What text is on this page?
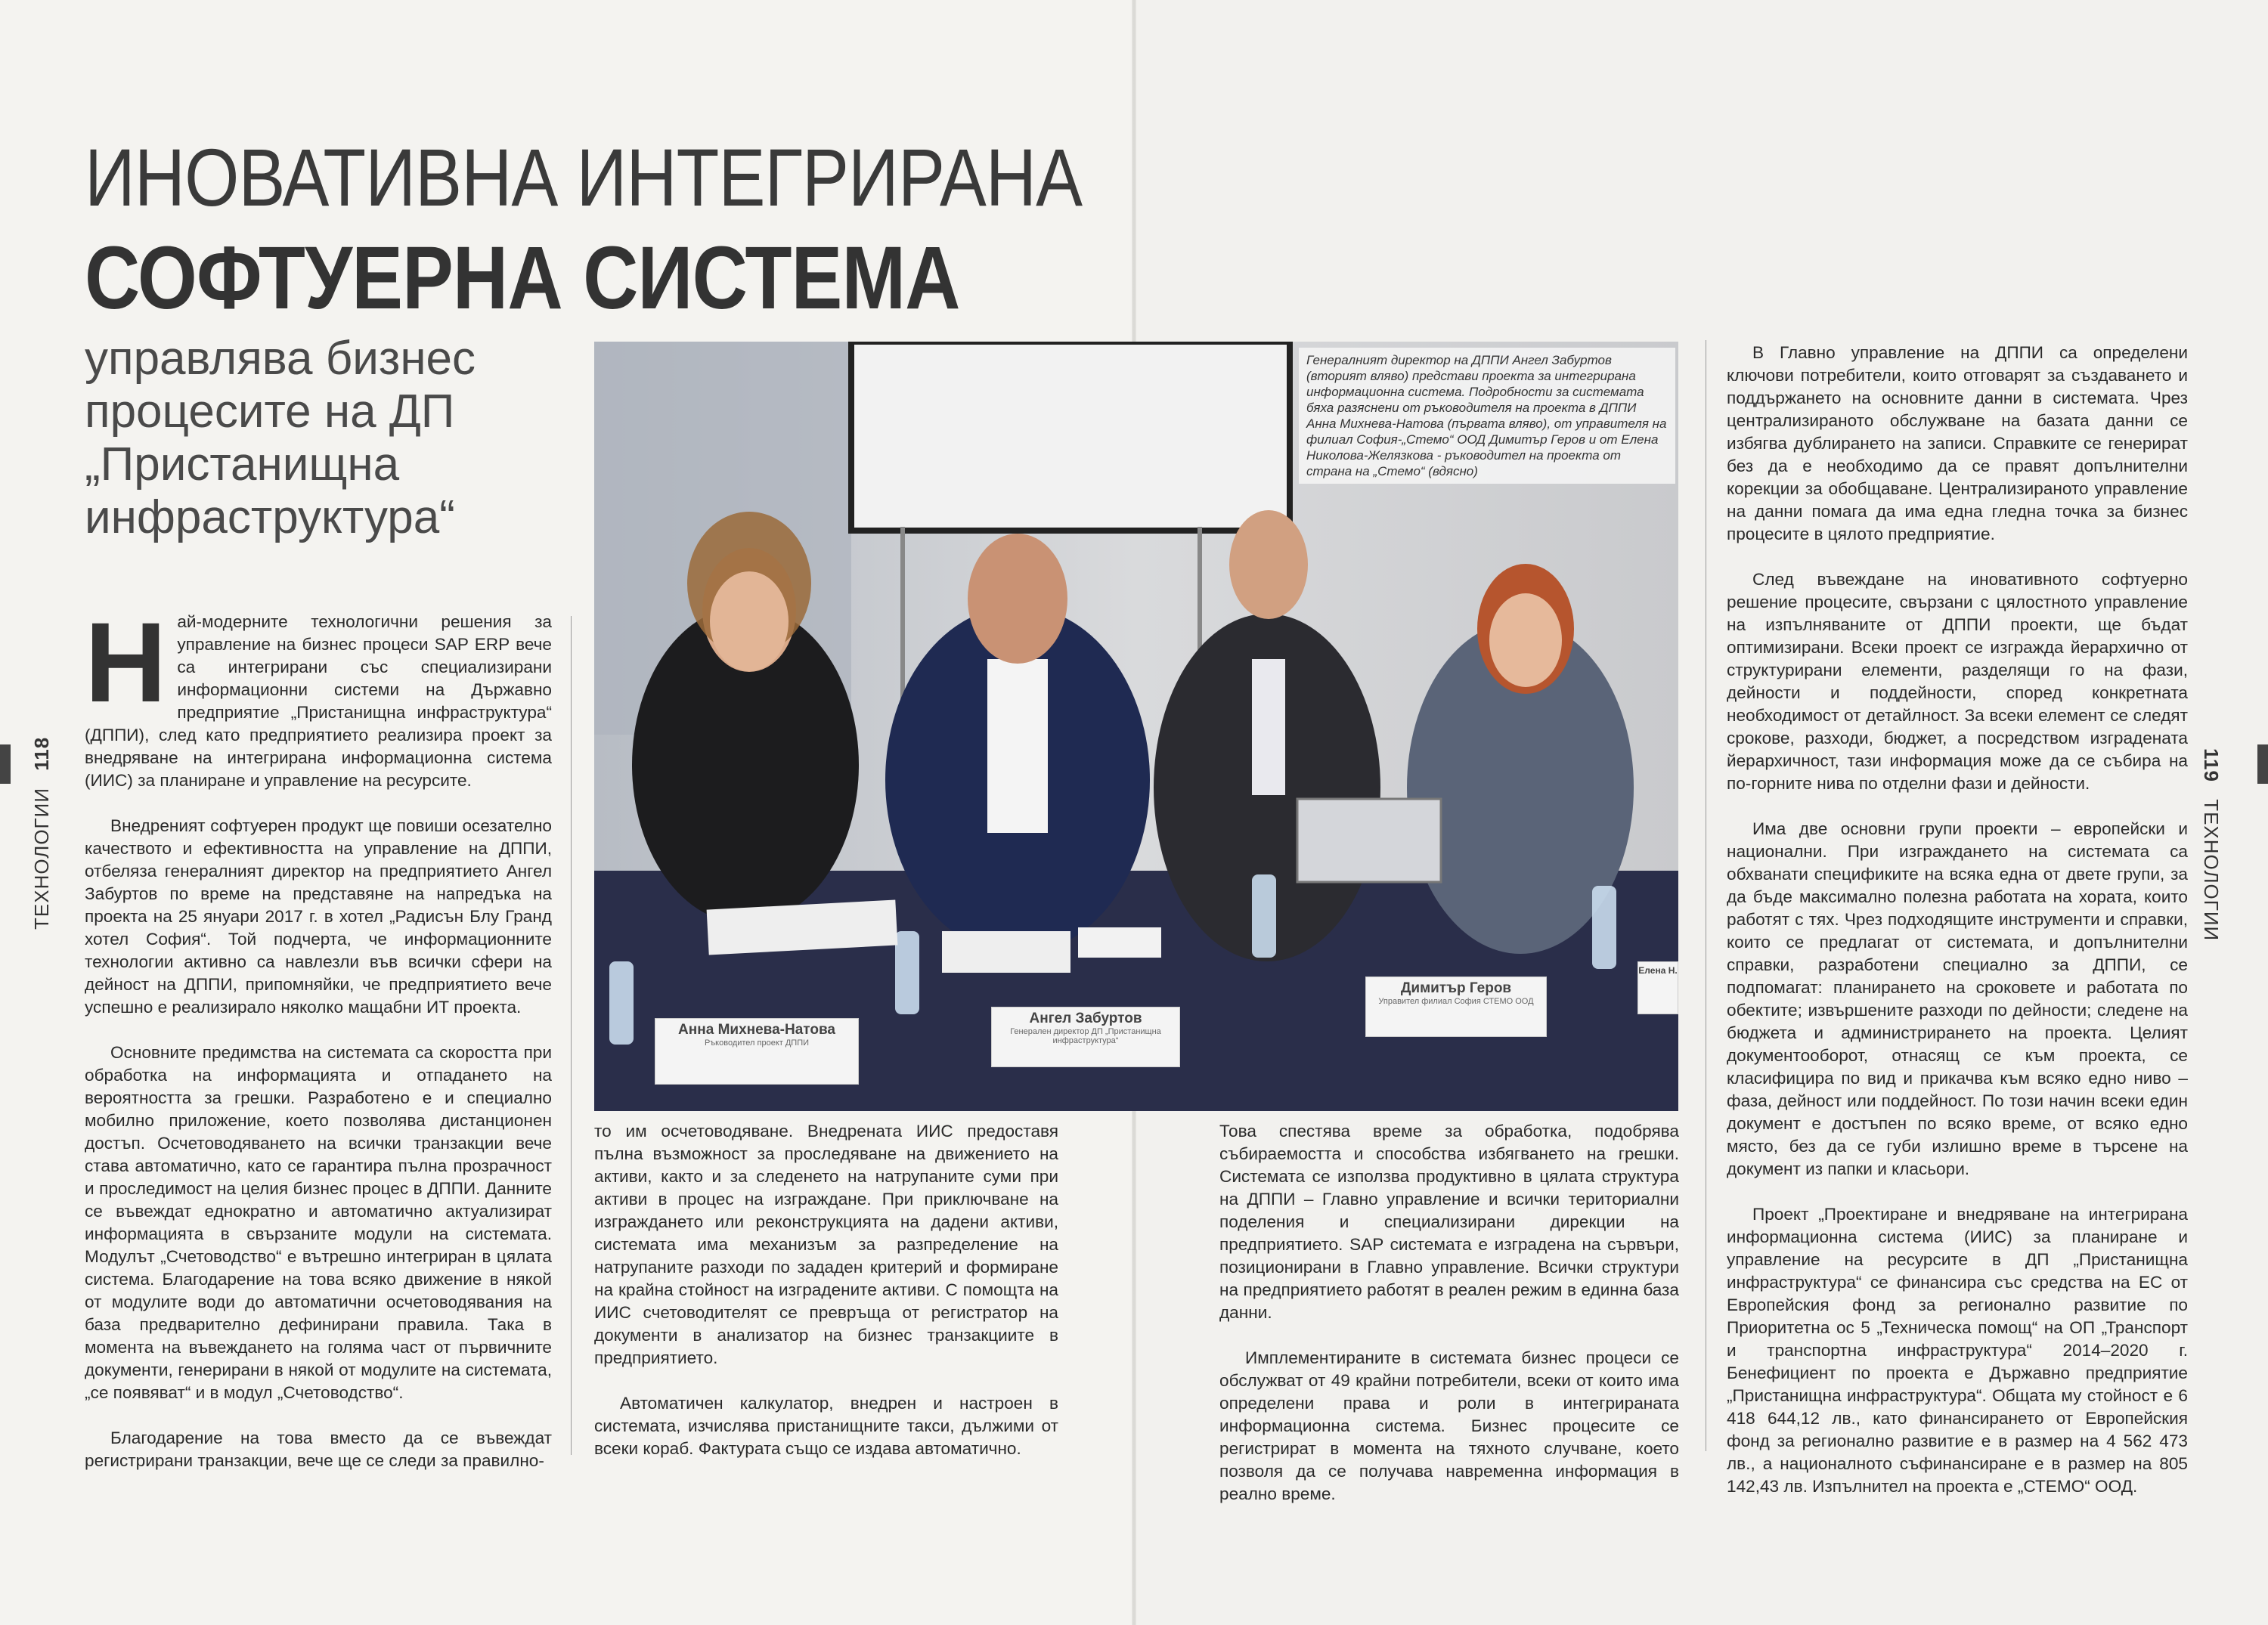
ИНОВАТИВНА ИНТЕГРИРАНА
СОФТУЕРНА СИСТЕМА
управлява бизнес процесите на ДП „Пристанищна инфраструктура“
ТЕХНОЛОГИИ 118

Най-модерните технологични решения за управление на бизнес процеси SAP ERP вече са интегрирани със специализирани информационни системи на Държавно предприятие „Пристанищна инфраструктура“ (ДППИ), след като предприятието реализира проект за внедряване на интегрирана информационна система (ИИС) за планиране и управление на ресурсите.

Внедреният софтуерен продукт ще повиши осезателно качеството и ефективността на управление на ДППИ, отбеляза генералният директор на предприятието Ангел Забуртов по време на представяне на напредъка на проекта на 25 януари 2017 г. в хотел „Радисън Блу Гранд хотел София“. Той подчерта, че информационните технологии активно са навлезли във всички сфери на дейност на ДППИ, припомняйки, че предприятието вече успешно е реализирало няколко мащабни ИТ проекта.

Основните предимства на системата са скоростта при обработка на информацията и отпадането на вероятността за грешки. Разработено е и специално мобилно приложение, което позволява дистанционен достъп. Осчетоводяването на всички транзакции вече става автоматично, като се гарантира пълна прозрачност и проследимост на целия бизнес процес в ДППИ. Данните се въвеждат еднократно и автоматично актуализират информацията в свързаните модули на системата. Модулът „Счетоводство“ е вътрешно интегриран в цялата система. Благодарение на това всяко движение в някой от модулите води до автоматични осчетоводявания на база предварително дефинирани правила. Така в момента на въвеждането на голяма част от първичните документи, генерирани в някой от модулите на системата, „се появяват“ и в модул „Счетоводство“.

Благодарение на това вместо да се въвеждат регистрирани транзакции, вече ще се следи за правилно-

то им осчетоводяване. Внедрената ИИС предоставя пълна възможност за проследяване на движението на активи, както и за следенето на натрупаните суми при активи в процес на изграждане. При приключване на изграждането или реконструкцията на дадени активи, системата има механизъм за разпределение на натрупаните разходи по зададен критерий и формиране на крайна стойност на изградените активи. С помощта на ИИС счетоводителят се превръща от регистратор на документи в анализатор на бизнес транзакциите в предприятието.

Автоматичен калкулатор, внедрен и настроен в системата, изчислява пристанищните такси, дължими от всеки кораб. Фактурата също се издава автоматично.

Анна Михнева-Натова
Ръководител проект ДППИ
Ангел Забуртов
Генерален директор ДП „Пристанищна инфраструктура“
Димитър Геров
Управител филиал София СТЕМО ООД
Елена Н.
Генералният директор на ДППИ Ангел Забуртов (вторият вляво) представи проекта за интегрирана информационна система. Подробности за системата бяха разяснени от ръководителя на проекта в ДППИ Анна Михнева-Натова (първата вляво), от управителя на филиал София-„Стемо“ ООД Димитър Геров и от Елена Николова-Желязкова - ръководител на проекта от страна на „Стемо“ (вдясно)

Това спестява време за обработка, подобрява събираемостта и способства избягването на грешки. Системата се използва продуктивно в цялата структура на ДППИ – Главно управление и всички териториални поделения и специализирани дирекции на предприятието. SAP системата е изградена на сървъри, позиционирани в Главно управление. Всички структури на предприятието работят в реален режим в единна база данни.

Имплементираните в системата бизнес процеси се обслужват от 49 крайни потребители, всеки от които има определени права и роли в интегрираната информационна система. Бизнес процесите се регистрират в момента на тяхното случване, което позволя да се получава навременна информация в реално време.

В Главно управление на ДППИ са определени ключови потребители, които отговарят за създаването и поддържането на основните данни в системата. Чрез централизираното обслужване на базата данни се избягва дублирането на записи. Справките се генерират без да е необходимо да се правят допълнителни корекции за обобщаване. Централизираното управление на данни помага да има една гледна точка за бизнес процесите в цялото предприятие.

След въвеждане на иновативното софтуерно решение процесите, свързани с цялостното управление на изпълняваните от ДППИ проекти, ще бъдат оптимизирани. Всеки проект се изгражда йерархично от структурирани елементи, разделящи го на фази, дейности и поддейности, според конкретната необходимост от детайлност. За всеки елемент се следят срокове, разходи, бюджет, а посредством изградената йерархичност, тази информация може да се събира на по-горните нива по отделни фази и дейности.

Има две основни групи проекти – европейски и национални. При изграждането на системата са обхванати спецификите на всяка една от двете групи, за да бъде максимално полезна работата на хората, които работят с тях. Чрез подходящите инструменти и справки, които се предлагат от системата, и допълнителни справки, разработени специално за ДППИ, се подпомагат: планирането на сроковете и работата по обектите; извършените разходи по дейности; следене на бюджета и администрирането на проекта. Целият документооборот, отнасящ се към проекта, се класифицира по вид и прикачва към всяко едно ниво – фаза, дейност или поддейност. По този начин всеки един документ е достъпен по всяко време, от всяко едно място, без да се губи излишно време в търсене на документ из папки и класьори.

Проект „Проектиране и внедряване на интегрирана информационна система (ИИС) за планиране и управление на ресурсите в ДП „Пристанищна инфраструктура“ се финансира със средства на ЕС от Европейския фонд за регионално развитие по Приоритетна ос 5 „Техническа помощ“ на ОП „Транспорт и транспортна инфраструктура“ 2014–2020 г. Бенефициент по проекта е Държавно предприятие „Пристанищна инфраструктура“. Общата му стойност е 6 418 644,12 лв., като финансирането от Европейския фонд за регионално развитие е в размер на 4 562 473 лв., а националното съфинансиране е в размер на 805 142,43 лв. Изпълнител на проекта е „СТЕМО“ ООД.

119 ТЕХНОЛОГИИ
